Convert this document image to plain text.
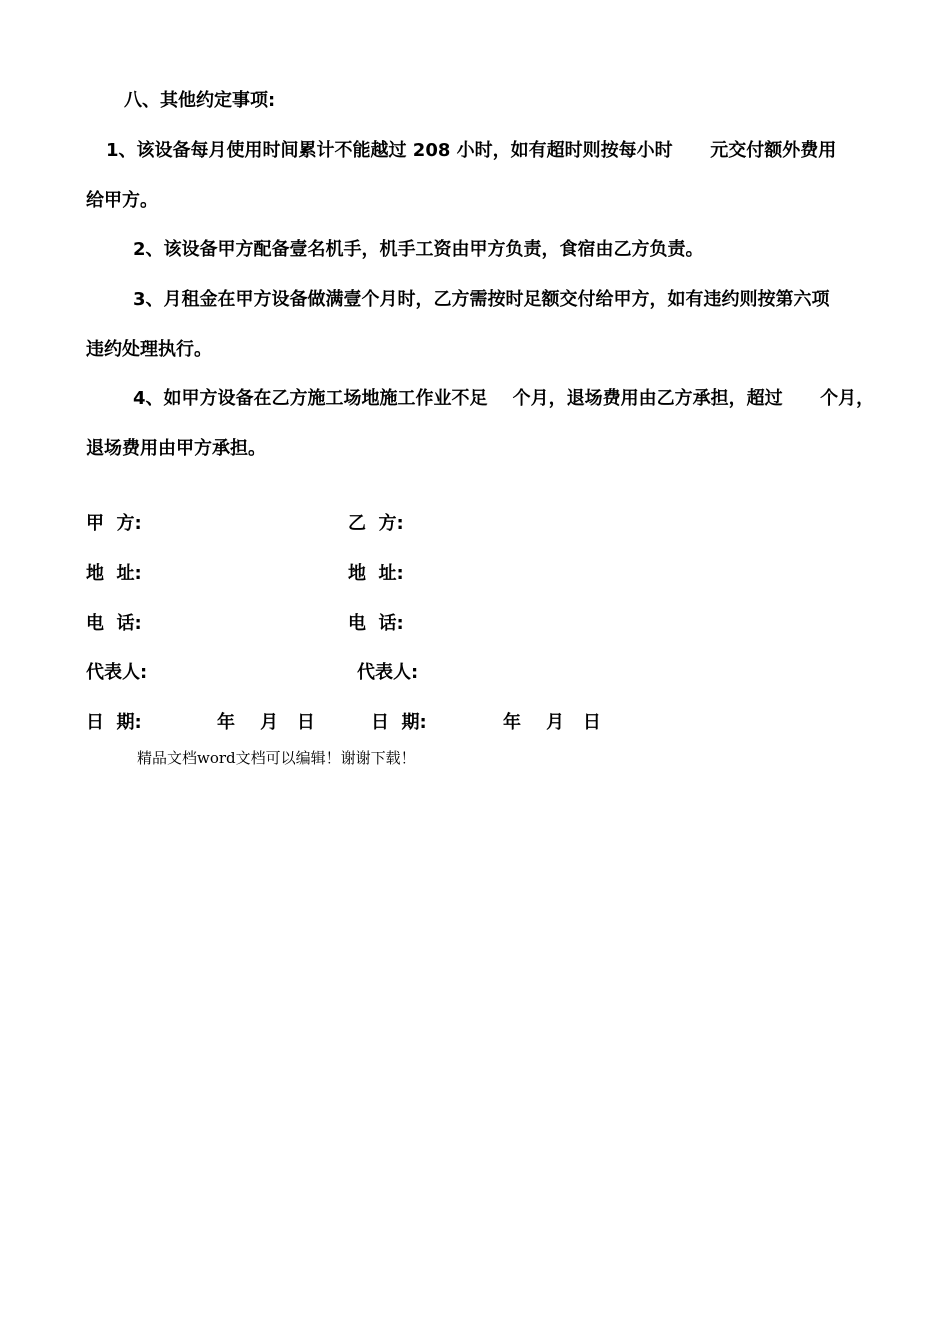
八、其他约定事项:
1、该设备每月使用时间累计不能越过 208 小时，如有超时则按每小时      元交付额外费用
给甲方。
2、该设备甲方配备壹名机手，机手工资由甲方负责，食宿由乙方负责。
3、月租金在甲方设备做满壹个月时，乙方需按时足额交付给甲方，如有违约则按第六项
违约处理执行。
4、如甲方设备在乙方施工场地施工作业不足    个月，退场费用由乙方承担，超过      个月，
退场费用由甲方承担。
甲  方:
地  址:
电  话:
代表人:
日  期:	年    月   日
乙  方:
地  址:
电  话:
代表人:
日  期:	年    月   日
精品文档word文档可以编辑！谢谢下载！
